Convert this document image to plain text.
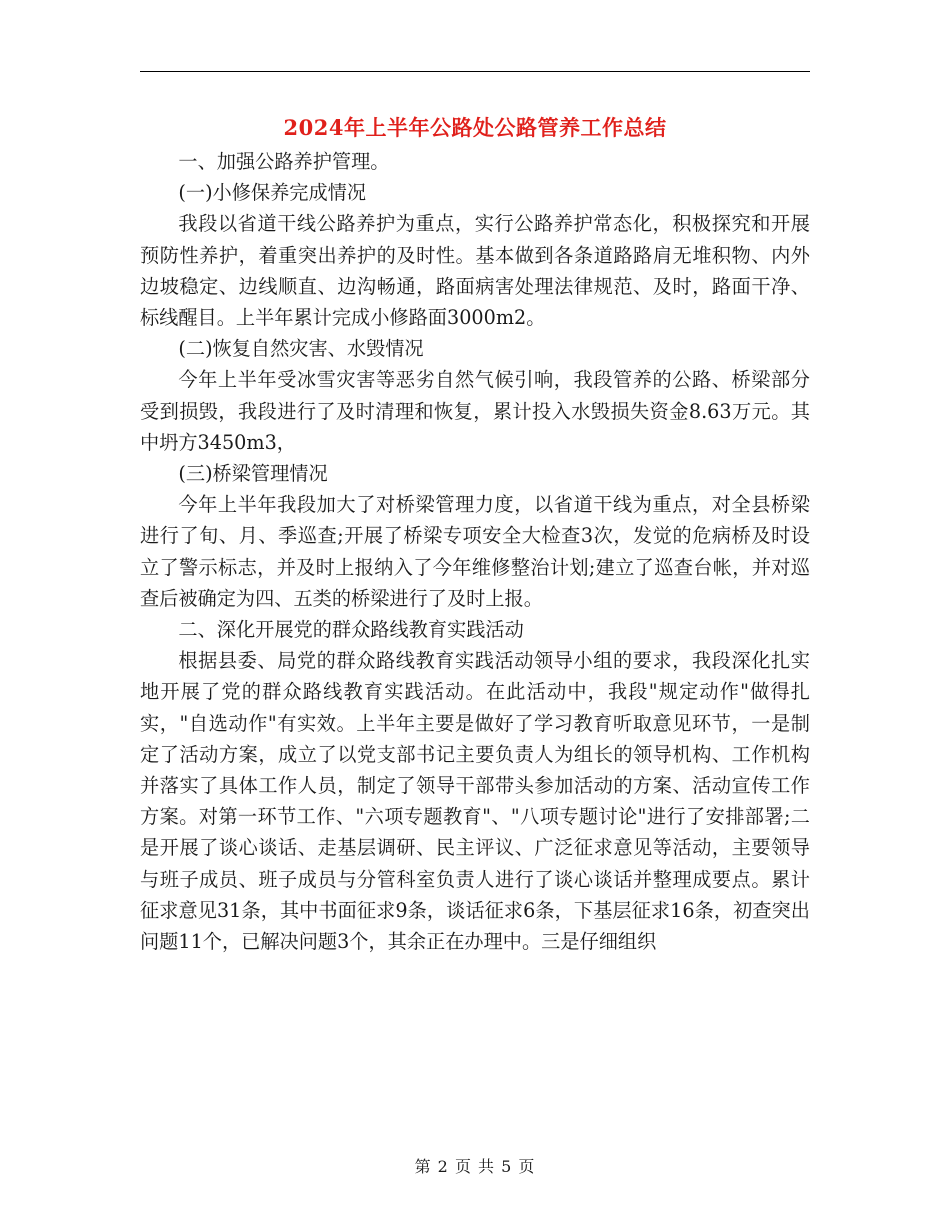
2024年上半年公路处公路管养工作总结

一、加强公路养护管理。

(一)小修保养完成情况

我段以省道干线公路养护为重点，实行公路养护常态化，积极探究和开展预防性养护，着重突出养护的及时性。基本做到各条道路路肩无堆积物、内外边坡稳定、边线顺直、边沟畅通，路面病害处理法律规范、及时，路面干净、标线醒目。上半年累计完成小修路面3000m2。

(二)恢复自然灾害、水毁情况

今年上半年受冰雪灾害等恶劣自然气候引响，我段管养的公路、桥梁部分受到损毁，我段进行了及时清理和恢复，累计投入水毁损失资金8.63万元。其中坍方3450m3，

(三)桥梁管理情况

今年上半年我段加大了对桥梁管理力度，以省道干线为重点，对全县桥梁进行了旬、月、季巡查;开展了桥梁专项安全大检查3次，发觉的危病桥及时设立了警示标志，并及时上报纳入了今年维修整治计划;建立了巡查台帐，并对巡查后被确定为四、五类的桥梁进行了及时上报。

二、深化开展党的群众路线教育实践活动

根据县委、局党的群众路线教育实践活动领导小组的要求，我段深化扎实地开展了党的群众路线教育实践活动。在此活动中，我段"规定动作"做得扎实，"自选动作"有实效。上半年主要是做好了学习教育听取意见环节，一是制定了活动方案，成立了以党支部书记主要负责人为组长的领导机构、工作机构并落实了具体工作人员，制定了领导干部带头参加活动的方案、活动宣传工作方案。对第一环节工作、"六项专题教育"、"八项专题讨论"进行了安排部署;二是开展了谈心谈话、走基层调研、民主评议、广泛征求意见等活动，主要领导与班子成员、班子成员与分管科室负责人进行了谈心谈话并整理成要点。累计征求意见31条，其中书面征求9条，谈话征求6条，下基层征求16条，初查突出问题11个，已解决问题3个，其余正在办理中。三是仔细组织

第 2 页 共 5 页
